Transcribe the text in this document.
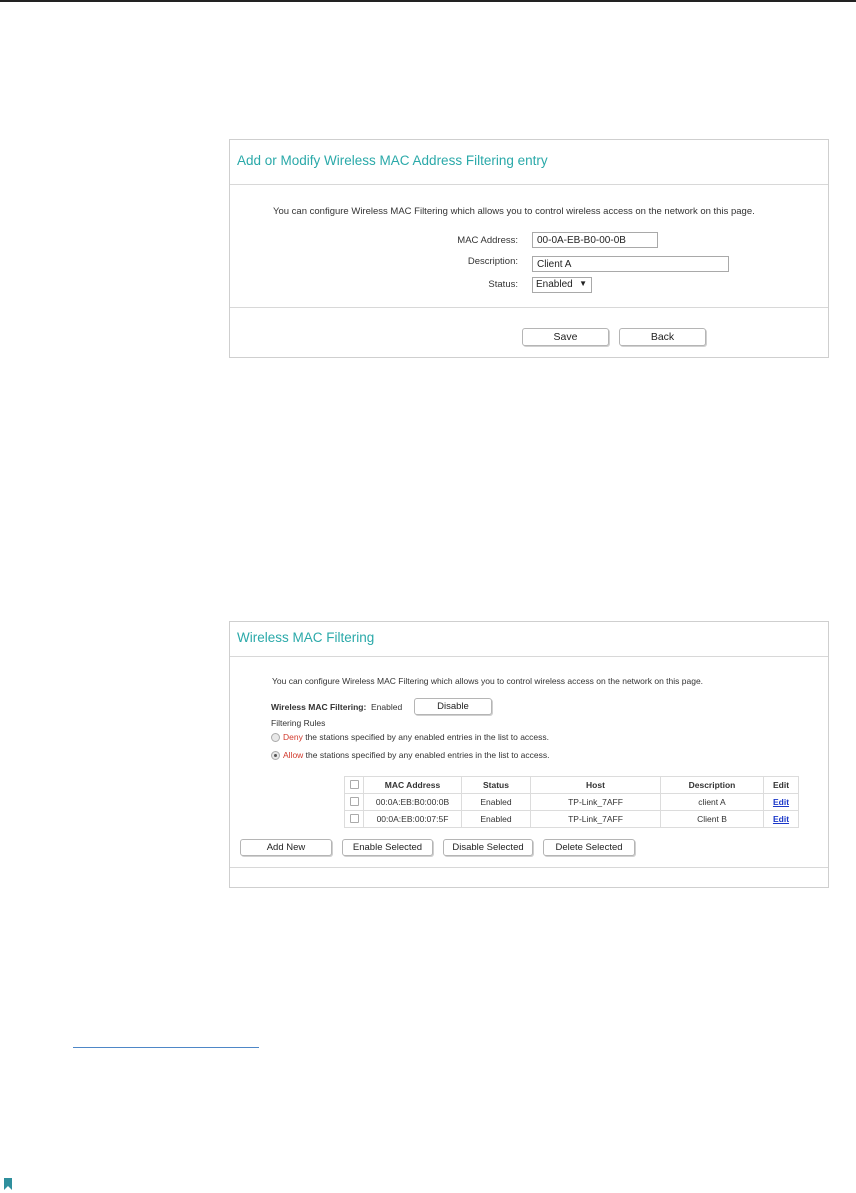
Add or Modify Wireless MAC Address Filtering entry
You can configure Wireless MAC Filtering which allows you to control wireless access on the network on this page.
MAC Address:
00-0A-EB-B0-00-0B
Description:
Client A
Status:	Enabled ▼
Save	Back
Wireless MAC Filtering
You can configure Wireless MAC Filtering which allows you to control wireless access on the network on this page.
Wireless MAC Filtering: Enabled	Disable
Filtering Rules
Deny the stations specified by any enabled entries in the list to access.
Allow the stations specified by any enabled entries in the list to access.
	MAC Address	Status	Host	Description	Edit
	00:0A:EB:B0:00:0B	Enabled	TP-Link_7AFF	client A	Edit
	00:0A:EB:00:07:5F	Enabled	TP-Link_7AFF	Client B	Edit
Add New	Enable Selected	Disable Selected	Delete Selected
